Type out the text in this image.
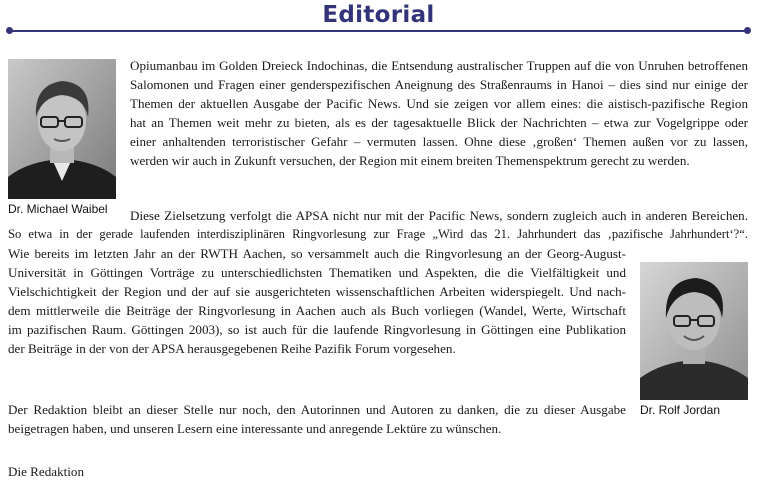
Editorial
Dr. Michael Waibel
Dr. Rolf Jordan
Opiumanbau im Golden Dreieck Indochinas, die Entsendung australischer Truppen auf die von Unruhen betroffenen
Salomonen und Fragen einer genderspezifischen Aneignung des Straßenraums in Hanoi – dies sind nur einige der
Themen der aktuellen Ausgabe der Pacific News. Und sie zeigen vor allem eines: die aistisch-pazifische Region
hat an Themen weit mehr zu bieten, als es der tagesaktuelle Blick der Nachrichten – etwa zur Vogelgrippe oder
einer anhaltenden terroristischer Gefahr – vermuten lassen. Ohne diese ‚großen‘ Themen außen vor zu lassen,
werden wir auch in Zukunft versuchen, der Region mit einem breiten Themenspektrum gerecht zu werden.
Diese Zielsetzung verfolgt die APSA nicht nur mit der Pacific News, sondern zugleich auch in anderen Bereichen.
So etwa in der gerade laufenden interdisziplinären Ringvorlesung zur Frage „Wird das 21. Jahrhundert das ‚pazifische Jahrhundert‘?“.
Wie bereits im letzten Jahr an der RWTH Aachen, so versammelt auch die Ringvorlesung an der Georg-August-
Universität in Göttingen Vorträge zu unterschiedlichsten Thematiken und Aspekten, die die Vielfältigkeit und
Vielschichtigkeit der Region und der auf sie ausgerichteten wissenschaftlichen Arbeiten widerspiegelt. Und nach-
dem mittlerweile die Beiträge der Ringvorlesung in Aachen auch als Buch vorliegen (Wandel, Werte, Wirtschaft
im pazifischen Raum. Göttingen 2003), so ist auch für die laufende Ringvorlesung in Göttingen eine Publikation
der Beiträge in der von der APSA herausgegebenen Reihe Pazifik Forum vorgesehen.
Der Redaktion bleibt an dieser Stelle nur noch, den Autorinnen und Autoren zu danken, die zu dieser Ausgabe
beigetragen haben, und unseren Lesern eine interessante und anregende Lektüre zu wünschen.
Die Redaktion
